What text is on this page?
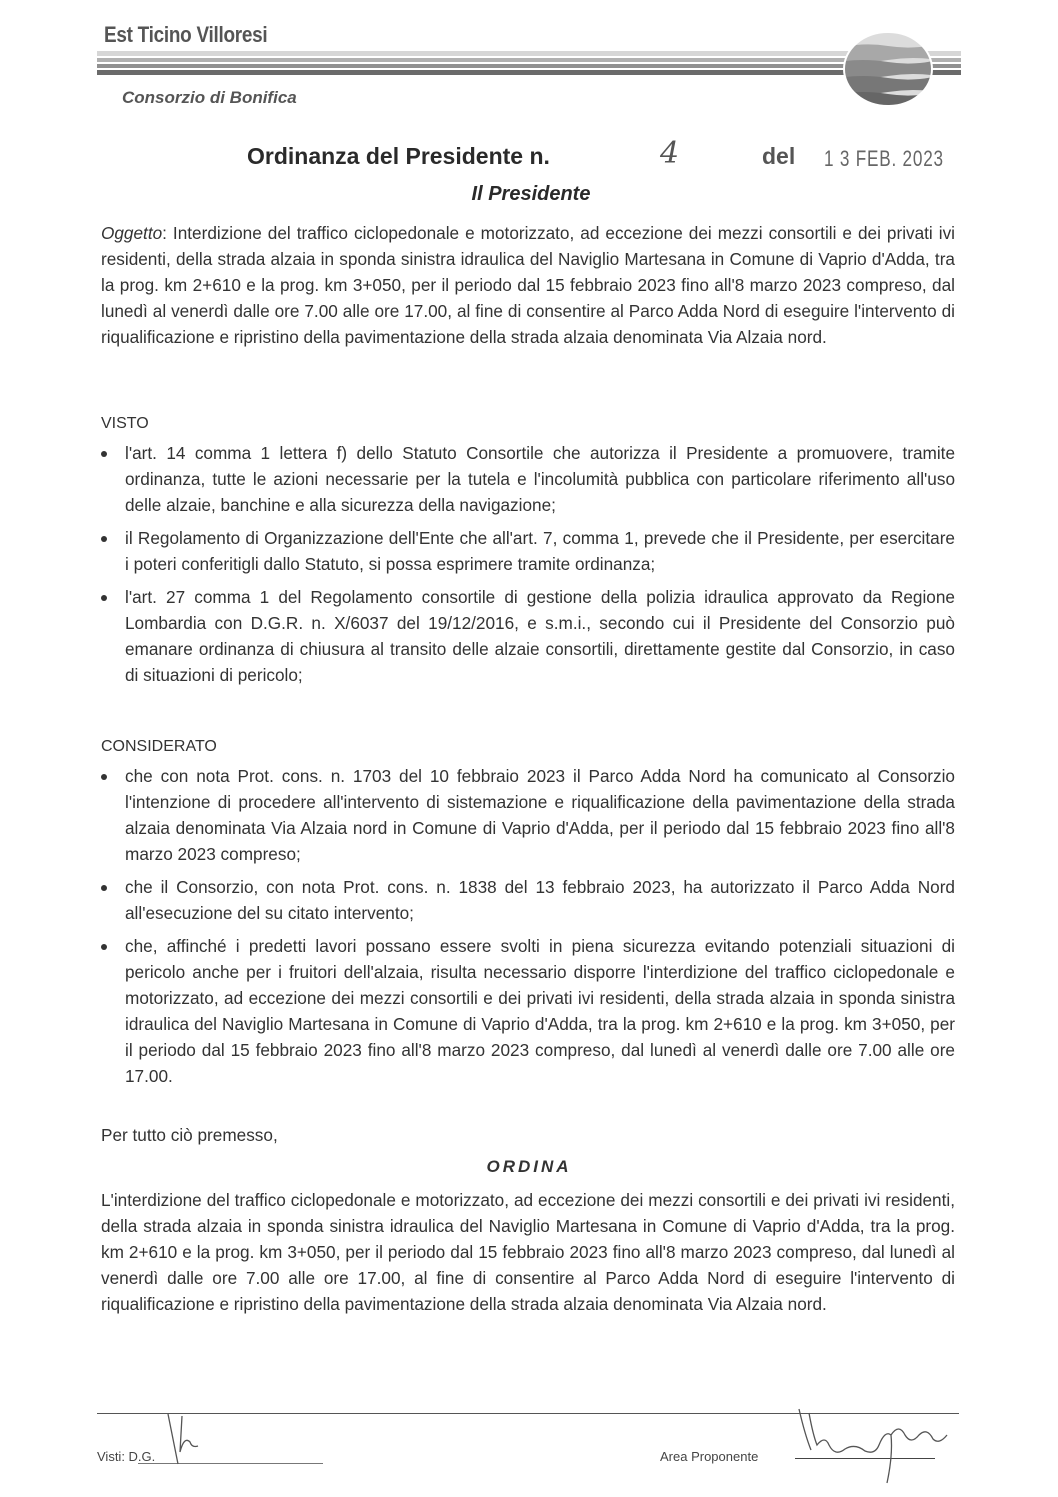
Est Ticino Villoresi
Consorzio di Bonifica
Ordinanza del Presidente n.	4	del 1 3 FEB. 2023
Il Presidente
Oggetto: Interdizione del traffico ciclopedonale e motorizzato, ad eccezione dei mezzi consortili e dei privati ivi residenti, della strada alzaia in sponda sinistra idraulica del Naviglio Martesana in Comune di Vaprio d'Adda, tra la prog. km 2+610 e la prog. km 3+050, per il periodo dal 15 febbraio 2023 fino all'8 marzo 2023 compreso, dal lunedì al venerdì dalle ore 7.00 alle ore 17.00, al fine di consentire al Parco Adda Nord di eseguire l'intervento di riqualificazione e ripristino della pavimentazione della strada alzaia denominata Via Alzaia nord.
VISTO
l'art. 14 comma 1 lettera f) dello Statuto Consortile che autorizza il Presidente a promuovere, tramite ordinanza, tutte le azioni necessarie per la tutela e l'incolumità pubblica con particolare riferimento all'uso delle alzaie, banchine e alla sicurezza della navigazione;
il Regolamento di Organizzazione dell'Ente che all'art. 7, comma 1, prevede che il Presidente, per esercitare i poteri conferitigli dallo Statuto, si possa esprimere tramite ordinanza;
l'art. 27 comma 1 del Regolamento consortile di gestione della polizia idraulica approvato da Regione Lombardia con D.G.R. n. X/6037 del 19/12/2016, e s.m.i., secondo cui il Presidente del Consorzio può emanare ordinanza di chiusura al transito delle alzaie consortili, direttamente gestite dal Consorzio, in caso di situazioni di pericolo;
CONSIDERATO
che con nota Prot. cons. n. 1703 del 10 febbraio 2023 il Parco Adda Nord ha comunicato al Consorzio l'intenzione di procedere all'intervento di sistemazione e riqualificazione della pavimentazione della strada alzaia denominata Via Alzaia nord in Comune di Vaprio d'Adda, per il periodo dal 15 febbraio 2023 fino all'8 marzo 2023 compreso;
che il Consorzio, con nota Prot. cons. n. 1838 del 13 febbraio 2023, ha autorizzato il Parco Adda Nord all'esecuzione del su citato intervento;
che, affinché i predetti lavori possano essere svolti in piena sicurezza evitando potenziali situazioni di pericolo anche per i fruitori dell'alzaia, risulta necessario disporre l'interdizione del traffico ciclopedonale e motorizzato, ad eccezione dei mezzi consortili e dei privati ivi residenti, della strada alzaia in sponda sinistra idraulica del Naviglio Martesana in Comune di Vaprio d'Adda, tra la prog. km 2+610 e la prog. km 3+050, per il periodo dal 15 febbraio 2023 fino all'8 marzo 2023 compreso, dal lunedì al venerdì dalle ore 7.00 alle ore 17.00.
Per tutto ciò premesso,
ORDINA
L'interdizione del traffico ciclopedonale e motorizzato, ad eccezione dei mezzi consortili e dei privati ivi residenti, della strada alzaia in sponda sinistra idraulica del Naviglio Martesana in Comune di Vaprio d'Adda, tra la prog. km 2+610 e la prog. km 3+050, per il periodo dal 15 febbraio 2023 fino all'8 marzo 2023 compreso, dal lunedì al venerdì dalle ore 7.00 alle ore 17.00, al fine di consentire al Parco Adda Nord di eseguire l'intervento di riqualificazione e ripristino della pavimentazione della strada alzaia denominata Via Alzaia nord.
Visti: D.G.	Area Proponente
